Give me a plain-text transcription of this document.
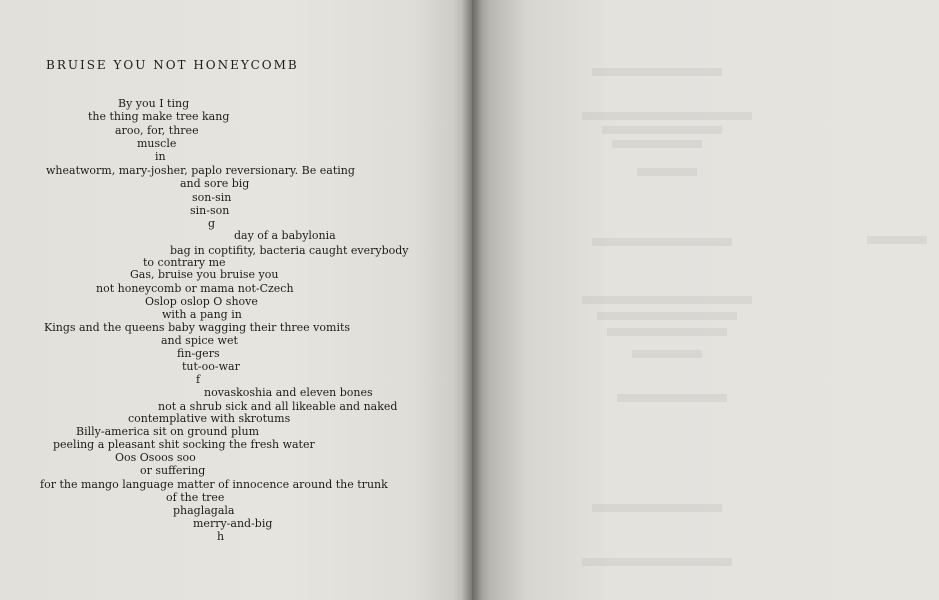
BRUISE YOU NOT HONEYCOMB
By you I ting
the thing make tree kang
aroo, for, three
muscle
in
wheatworm, mary-josher, paplo reversionary. Be eating
and sore big
son-sin
sin-son
g
day of a babylonia
bag in coptifity, bacteria caught everybody
to contrary me
Gas, bruise you bruise you
not honeycomb or mama not-Czech
Oslop oslop O shove
with a pang in
Kings and the queens baby wagging their three vomits
and spice wet
fin-gers
tut-oo-war
f
novaskoshia and eleven bones
not a shrub sick and all likeable and naked
contemplative with skrotums
Billy-america sit on ground plum
peeling a pleasant shit socking the fresh water
Oos Osoos soo
or suffering
for the mango language matter of innocence around the trunk
of the tree
phaglagala
merry-and-big
h
